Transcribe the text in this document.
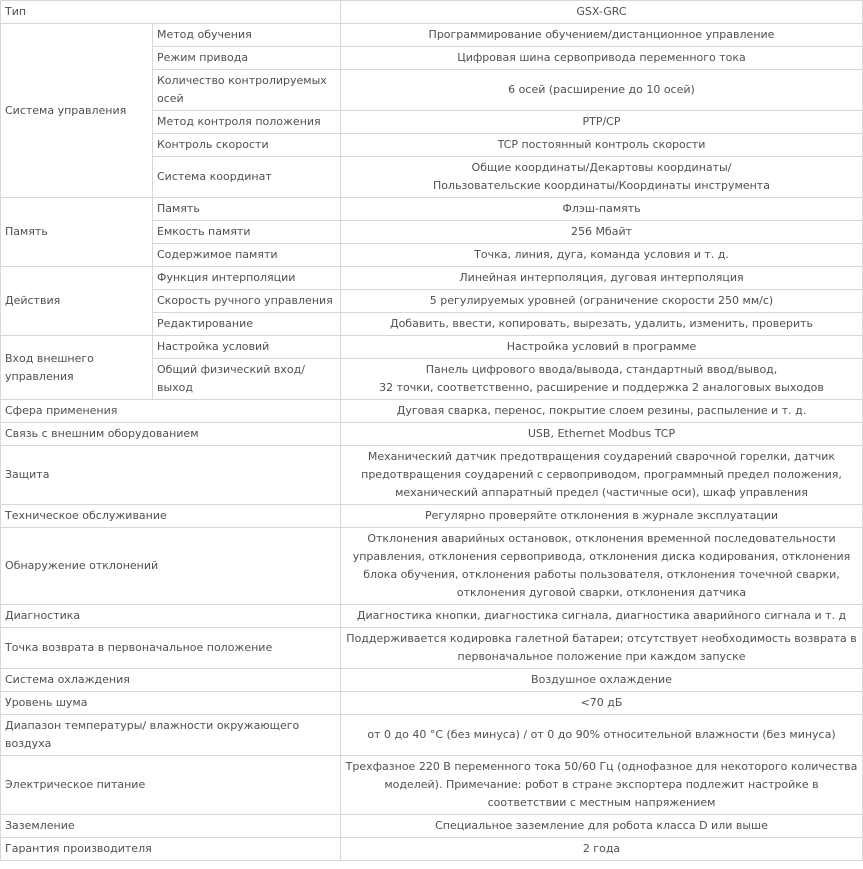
Тип		GSX-GRC
Система управления	Метод обучения	Программирование обучением/дистанционное управление
	Режим привода	Цифровая шина сервопривода переменного тока
	Количество контролируемых осей	6 осей (расширение до 10 осей)
	Метод контроля положения	PTP/CP
	Контроль скорости	TCP постоянный контроль скорости
	Система координат	Общие координаты/Декартовы координаты/
Пользовательские координаты/Координаты инструмента
Память	Память	Флэш-память
	Емкость памяти	256 Мбайт
	Содержимое памяти	Точка, линия, дуга, команда условия и т. д.
Действия	Функция интерполяции	Линейная интерполяция, дуговая интерполяция
	Скорость ручного управления	5 регулируемых уровней (ограничение скорости 250 мм/с)
	Редактирование	Добавить, ввести, копировать, вырезать, удалить, изменить, проверить
Вход внешнего управления	Настройка условий	Настройка условий в программе
	Общий физический вход/ выход	Панель цифрового ввода/вывода, стандартный ввод/вывод,
32 точки, соответственно, расширение и поддержка 2 аналоговых выходов
Сфера применения		Дуговая сварка, перенос, покрытие слоем резины, распыление и т. д.
Связь с внешним оборудованием		USB, Ethernet Modbus TCP
Защита		Механический датчик предотвращения соударений сварочной горелки, датчик предотвращения соударений с сервоприводом, программный предел положения, механический аппаратный предел (частичные оси), шкаф управления
Техническое обслуживание		Регулярно проверяйте отклонения в журнале эксплуатации
Обнаружение отклонений		Отклонения аварийных остановок, отклонения временной последовательности управления, отклонения сервопривода, отклонения диска кодирования, отклонения блока обучения, отклонения работы пользователя, отклонения точечной сварки, отклонения дуговой сварки, отклонения датчика
Диагностика		Диагностика кнопки, диагностика сигнала, диагностика аварийного сигнала и т. д
Точка возврата в первоначальное положение		Поддерживается кодировка галетной батареи; отсутствует необходимость возврата в первоначальное положение при каждом запуске
Система охлаждения		Воздушное охлаждение
Уровень шума		<70 дБ
Диапазон температуры/ влажности окружающего воздуха		от 0 до 40 °C (без минуса) / от 0 до 90% относительной влажности (без минуса)
Электрическое питание		Трехфазное 220 В переменного тока 50/60 Гц (однофазное для некоторого количества моделей). Примечание: робот в стране экспортера подлежит настройке в соответствии с местным напряжением
Заземление		Специальное заземление для робота класса D или выше
Гарантия производителя		2 года
